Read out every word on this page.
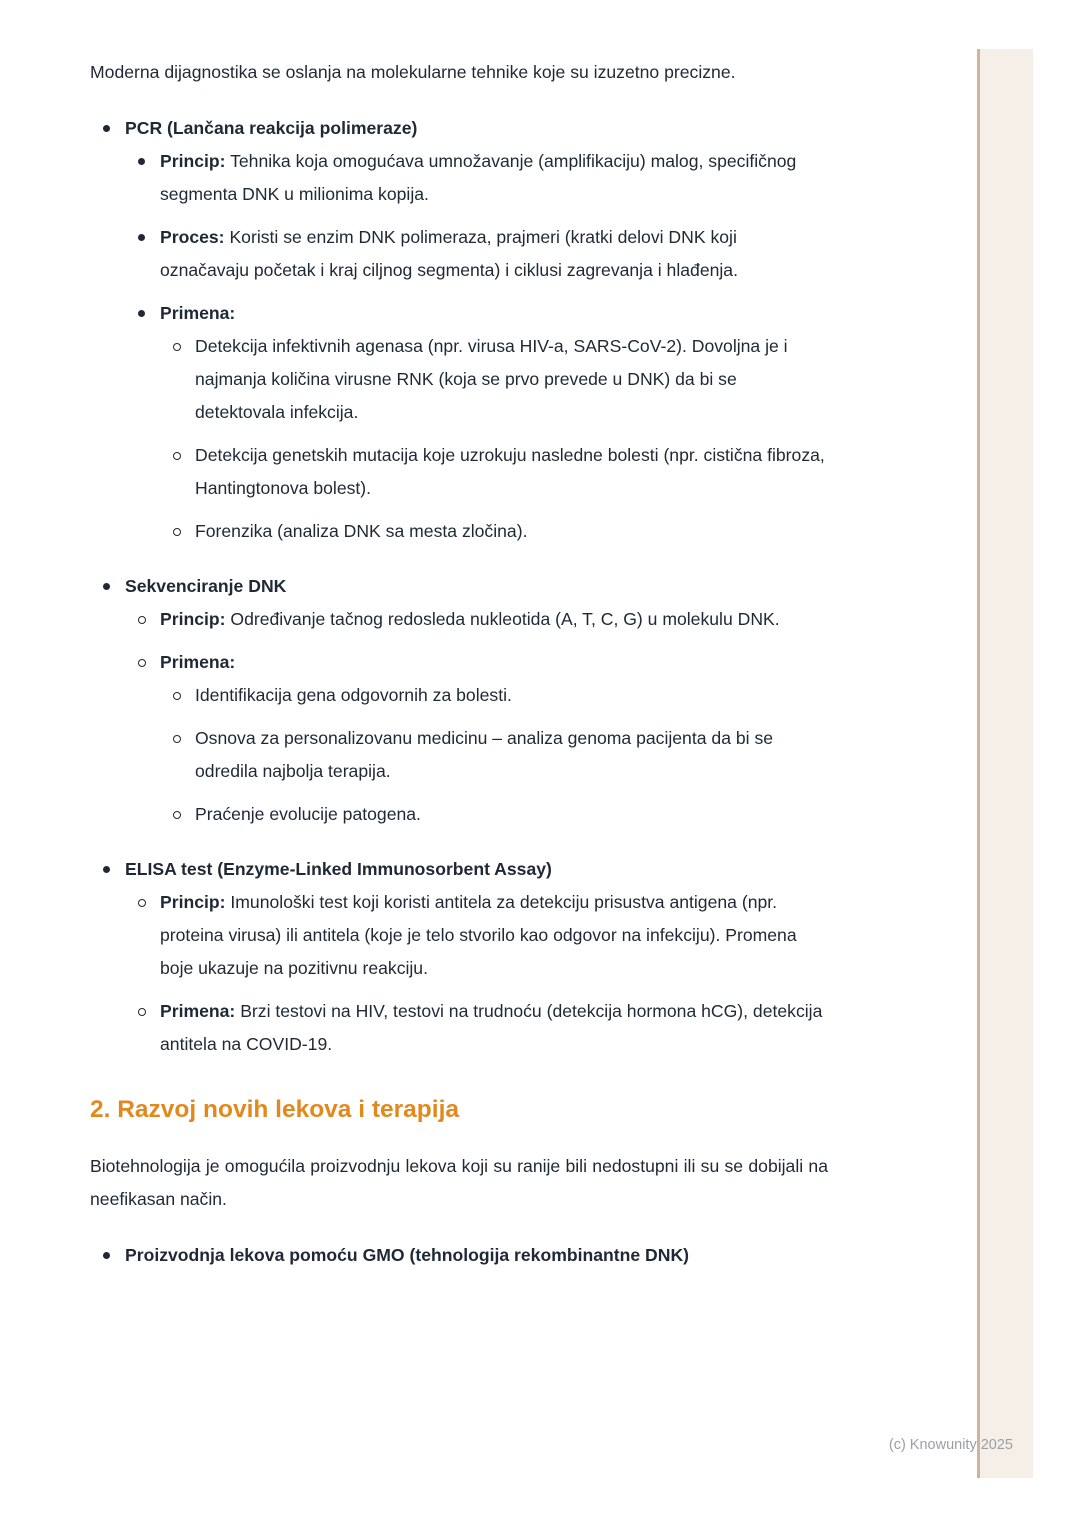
Moderna dijagnostika se oslanja na molekularne tehnike koje su izuzetno precizne.

PCR (Lančana reakcija polimeraze)
Princip: Tehnika koja omogućava umnožavanje (amplifikaciju) malog, specifičnog segmenta DNK u milionima kopija.
Proces: Koristi se enzim DNK polimeraza, prajmeri (kratki delovi DNK koji označavaju početak i kraj ciljnog segmenta) i ciklusi zagrevanja i hlađenja.
Primena:
Detekcija infektivnih agenasa (npr. virusa HIV-a, SARS-CoV-2). Dovoljna je i najmanja količina virusne RNK (koja se prvo prevede u DNK) da bi se detektovala infekcija.
Detekcija genetskih mutacija koje uzrokuju nasledne bolesti (npr. cistična fibroza, Hantingtonova bolest).
Forenzika (analiza DNK sa mesta zločina).
Sekvenciranje DNK
Princip: Određivanje tačnog redosleda nukleotida (A, T, C, G) u molekulu DNK.
Primena:
Identifikacija gena odgovornih za bolesti.
Osnova za personalizovanu medicinu – analiza genoma pacijenta da bi se odredila najbolja terapija.
Praćenje evolucije patogena.
ELISA test (Enzyme-Linked Immunosorbent Assay)
Princip: Imunološki test koji koristi antitela za detekciju prisustva antigena (npr. proteina virusa) ili antitela (koje je telo stvorilo kao odgovor na infekciju). Promena boje ukazuje na pozitivnu reakciju.
Primena: Brzi testovi na HIV, testovi na trudnoću (detekcija hormona hCG), detekcija antitela na COVID-19.
2. Razvoj novih lekova i terapija

Biotehnologija je omogućila proizvodnju lekova koji su ranije bili nedostupni ili su se dobijali na neefikasan način.

Proizvodnja lekova pomoću GMO (tehnologija rekombinantne DNK)
(c) Knowunity 2025
